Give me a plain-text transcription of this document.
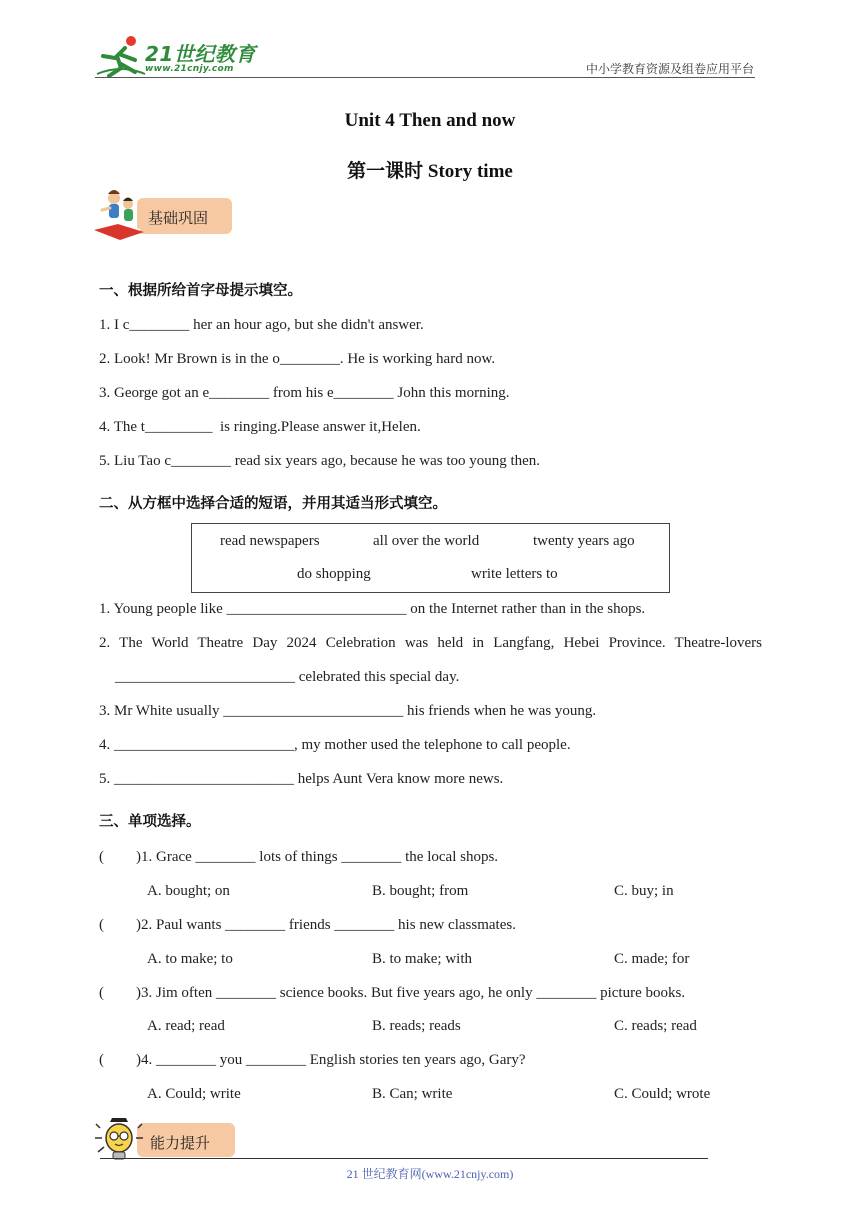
21世纪教育
www.21cnjy.com	中小学教育资源及组卷应用平台
Unit 4 Then and now
第一课时 Story time
基础巩固
一、根据所给首字母提示填空。
1. I c________ her an hour ago, but she didn't answer.
2. Look! Mr Brown is in the o________. He is working hard now.
3. George got an e________ from his e________ John this morning.
4. The t_________  is ringing.Please answer it,Helen.
5. Liu Tao c________ read six years ago, because he was too young then.
二、从方框中选择合适的短语，并用其适当形式填空。
read newspapers	all over the world	twenty years ago
do shopping	write letters to
1. Young people like ________________________ on the Internet rather than in the shops.
2. The World Theatre Day 2024 Celebration was held in Langfang, Hebei Province. Theatre-lovers
________________________ celebrated this special day.
3. Mr White usually ________________________ his friends when he was young.
4. ________________________, my mother used the telephone to call people.
5. ________________________ helps Aunt Vera know more news.
三、单项选择。
( )1. Grace ________ lots of things ________ the local shops.
A. bought; on	B. bought; from	C. buy; in
( )2. Paul wants ________ friends ________ his new classmates.
A. to make; to	B. to make; with	C. made; for
( )3. Jim often ________ science books. But five years ago, he only ________ picture books.
A. read; read	B. reads; reads	C. reads; read
( )4. ________ you ________ English stories ten years ago, Gary?
A. Could; write	B. Can; write	C. Could; wrote
能力提升
21 世纪教育网(www.21cnjy.com)
